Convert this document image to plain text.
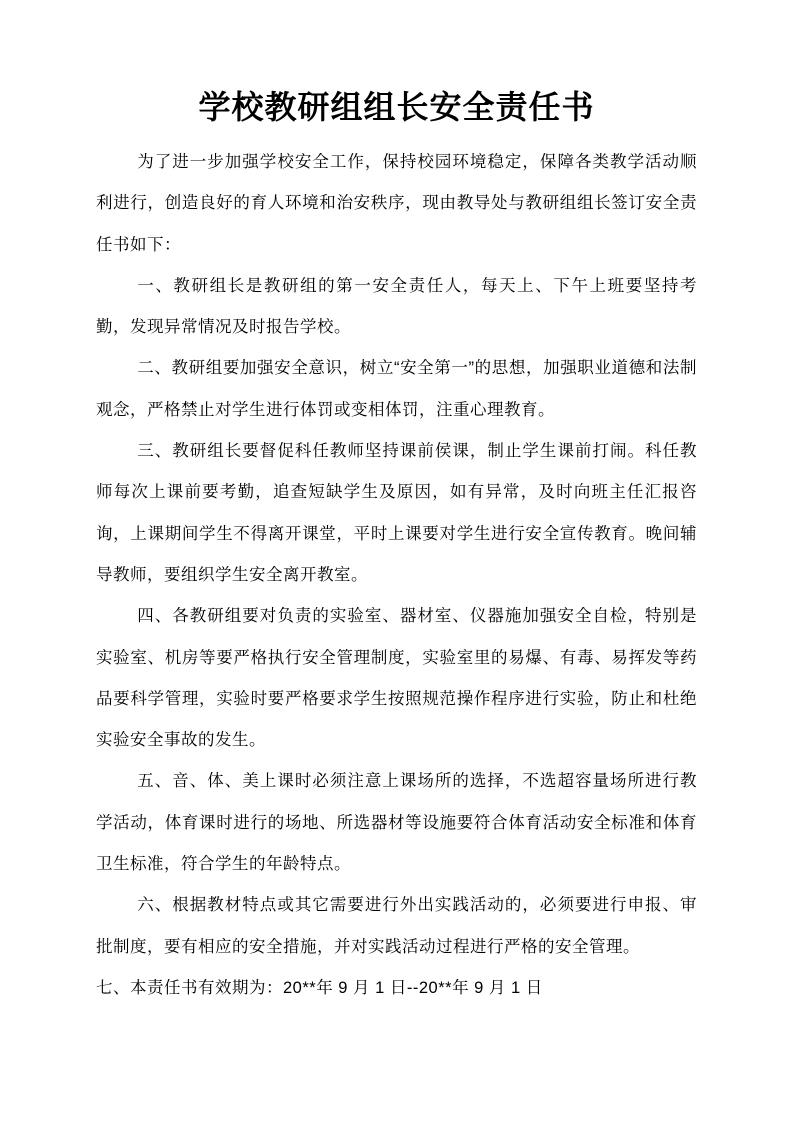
学校教研组组长安全责任书

为了进一步加强学校安全工作，保持校园环境稳定，保障各类教学活动顺利进行，创造良好的育人环境和治安秩序，现由教导处与教研组组长签订安全责任书如下：

一、教研组长是教研组的第一安全责任人，每天上、下午上班要坚持考勤，发现异常情况及时报告学校。

二、教研组要加强安全意识，树立“安全第一”的思想，加强职业道德和法制观念，严格禁止对学生进行体罚或变相体罚，注重心理教育。

三、教研组长要督促科任教师坚持课前侯课，制止学生课前打闹。科任教师每次上课前要考勤，追查短缺学生及原因，如有异常，及时向班主任汇报咨询，上课期间学生不得离开课堂，平时上课要对学生进行安全宣传教育。晚间辅导教师，要组织学生安全离开教室。

四、各教研组要对负责的实验室、器材室、仪器施加强安全自检，特别是实验室、机房等要严格执行安全管理制度，实验室里的易爆、有毒、易挥发等药品要科学管理，实验时要严格要求学生按照规范操作程序进行实验，防止和杜绝实验安全事故的发生。

五、音、体、美上课时必须注意上课场所的选择，不选超容量场所进行教学活动，体育课时进行的场地、所选器材等设施要符合体育活动安全标准和体育卫生标准，符合学生的年龄特点。

六、根据教材特点或其它需要进行外出实践活动的，必须要进行申报、审批制度，要有相应的安全措施，并对实践活动过程进行严格的安全管理。

七、本责任书有效期为：20**年 9 月 1 日--20**年 9 月 1 日
